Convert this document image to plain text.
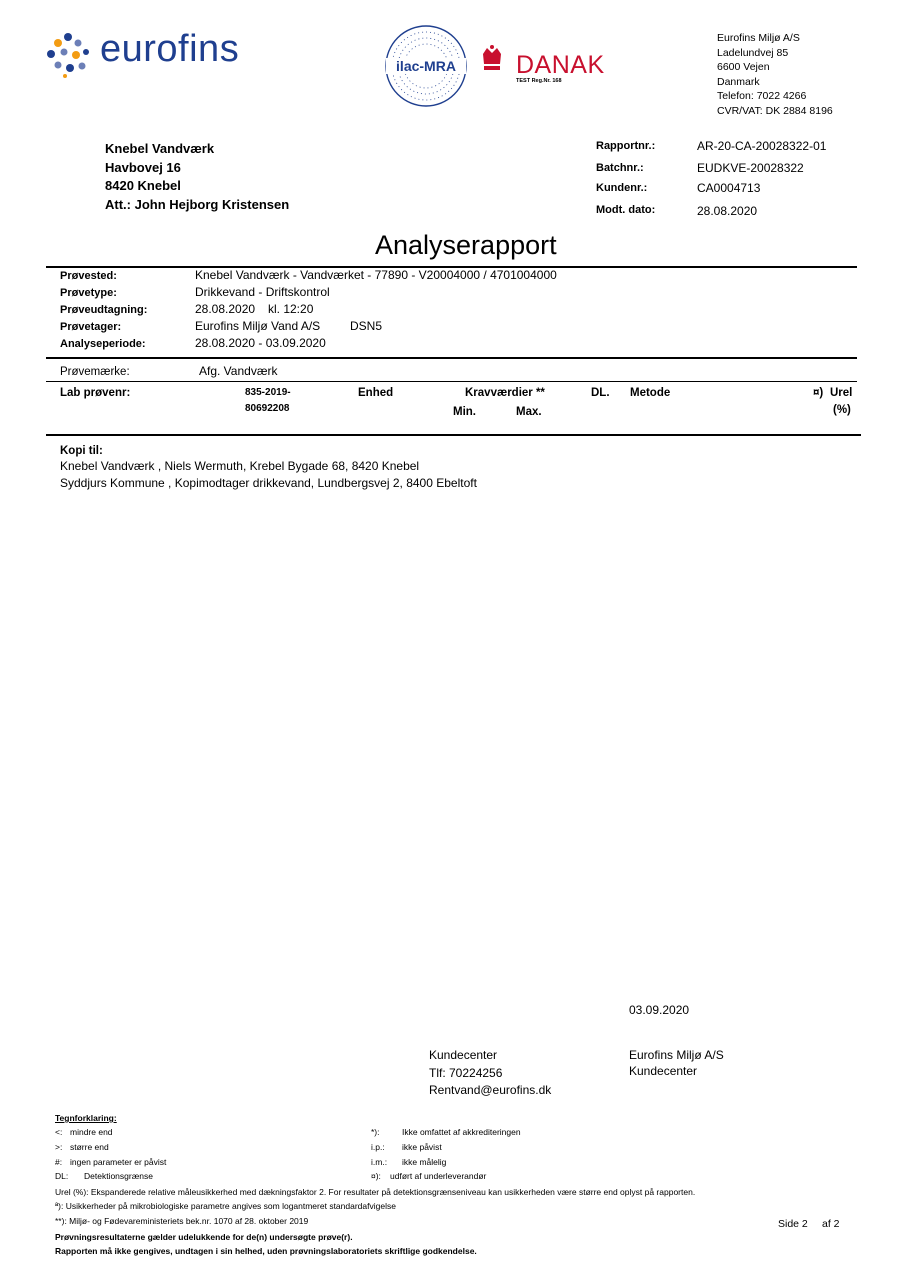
eurofins	ilac-MRA DANAK
TEST Reg.Nr. 168
Eurofins Miljø A/S
Ladelundvej 85
6600 Vejen
Danmark
Telefon: 7022 4266
CVR/VAT: DK 2884 8196
Knebel Vandværk
Havbovej 16
8420 Knebel
Att.: John Hejborg Kristensen
Rapportnr.:	AR-20-CA-20028322-01
Batchnr.:	EUDKVE-20028322
Kundenr.:	CA0004713
Modt. dato:	28.08.2020
Analyserapport
Prøvested:	Knebel Vandværk - Vandværket - 77890 - V20004000 / 4701004000
Prøvetype:	Drikkevand - Driftskontrol
Prøveudtagning:	28.08.2020 kl. 12:20
Prøvetager:	Eurofins Miljø Vand A/S DSN5
Analyseperiode:	28.08.2020 - 03.09.2020
Prøvemærke:	Afg. Vandværk
Lab prøvenr:	835-2019-
80692208
Enhed	Kravværdier **
Min.	Max.
DL. Metode	¤) Urel
(%)
Kopi til:
Knebel Vandværk , Niels Wermuth, Krebel Bygade 68, 8420 Knebel
Syddjurs Kommune , Kopimodtager drikkevand, Lundbergsvej 2, 8400 Ebeltoft
03.09.2020
Kundecenter
Tlf: 70224256
Rentvand@eurofins.dk
Eurofins Miljø A/S
Kundecenter
Tegnforklaring:
<: mindre end
>: større end
#: ingen parameter er påvist
DL: Detektionsgrænse
*):	Ikke omfattet af akkrediteringen
i.p.: ikke påvist
i.m.: ikke målelig
¤): udført af underleverandør
Urel (%): Ekspanderede relative måleusikkerhed med dækningsfaktor 2. For resultater på detektionsgrænseniveau kan usikkerheden være større end oplyst på rapporten.
ª): Usikkerheder på mikrobiologiske parametre angives som logantmeret standardafvigelse
**): Miljø- og Fødevareministeriets bek.nr. 1070 af 28. oktober 2019
Prøvningsresultaterne gælder udelukkende for de(n) undersøgte prøve(r).
Rapporten må ikke gengives, undtagen i sin helhed, uden prøvningslaboratoriets skriftlige godkendelse.
Side 2 af 2
